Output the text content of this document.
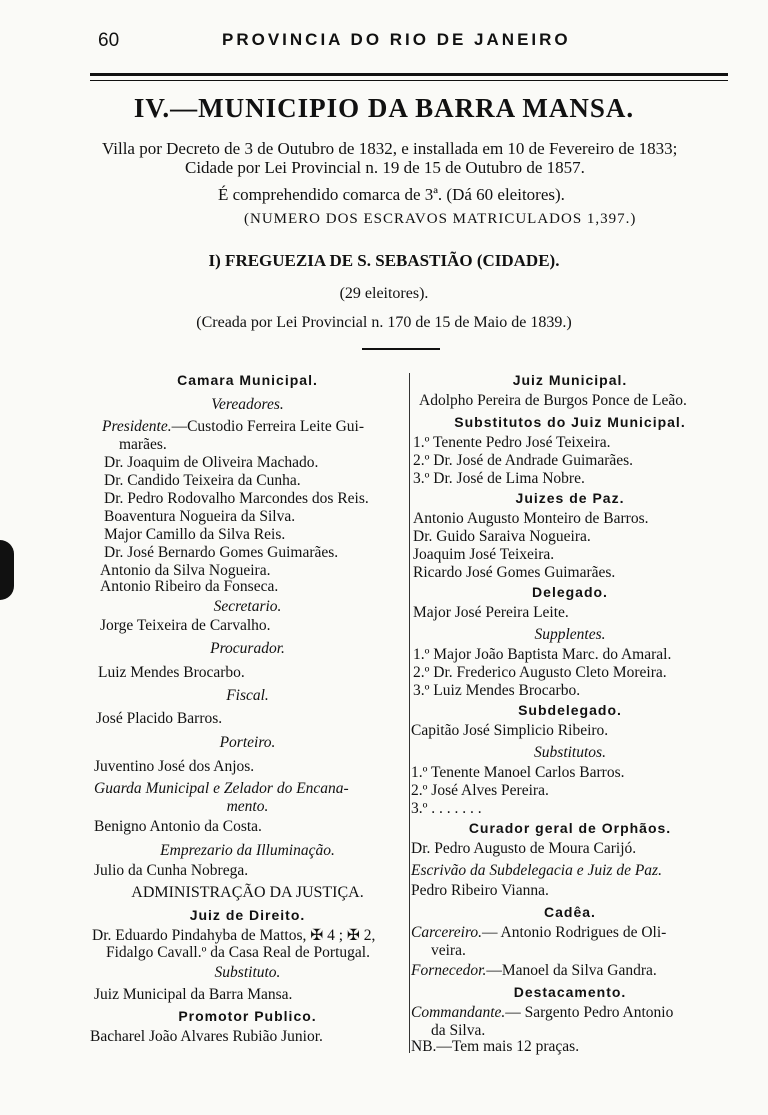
60	PROVINCIA DO RIO DE JANEIRO
IV.—MUNICIPIO DA BARRA MANSA.
Villa por Decreto de 3 de Outubro de 1832, e installada em 10 de Fevereiro de 1833;
Cidade por Lei Provincial n. 19 de 15 de Outubro de 1857.
É comprehendido comarca de 3ª. (Dá 60 eleitores).
(NUMERO DOS ESCRAVOS MATRICULADOS 1,397.)
I) FREGUEZIA DE S. SEBASTIÃO (CIDADE).
(29 eleitores).
(Creada por Lei Provincial n. 170 de 15 de Maio de 1839.)
Camara Municipal.
Vereadores.
Presidente.—Custodio Ferreira Leite Gui-
marães.
Dr. Joaquim de Oliveira Machado.
Dr. Candido Teixeira da Cunha.
Dr. Pedro Rodovalho Marcondes dos Reis.
Boaventura Nogueira da Silva.
Major Camillo da Silva Reis.
Dr. José Bernardo Gomes Guimarães.
Antonio da Silva Nogueira.
Antonio Ribeiro da Fonseca.
Secretario.
Jorge Teixeira de Carvalho.
Procurador.
Luiz Mendes Brocarbo.
Fiscal.
José Placido Barros.
Porteiro.
Juventino José dos Anjos.
Guarda Municipal e Zelador do Encana-
mento.
Benigno Antonio da Costa.
Emprezario da Illuminação.
Julio da Cunha Nobrega.
ADMINISTRAÇÃO DA JUSTIÇA.
Juiz de Direito.
Dr. Eduardo Pindahyba de Mattos, ✠ 4 ; ✠ 2,
Fidalgo Cavall.º da Casa Real de Portugal.
Substituto.
Juiz Municipal da Barra Mansa.
Promotor Publico.
Bacharel João Alvares Rubião Junior.
Juiz Municipal.
Adolpho Pereira de Burgos Ponce de Leão.
Substitutos do Juiz Municipal.
1.º Tenente Pedro José Teixeira.
2.º Dr. José de Andrade Guimarães.
3.º Dr. José de Lima Nobre.
Juizes de Paz.
Antonio Augusto Monteiro de Barros.
Dr. Guido Saraiva Nogueira.
Joaquim José Teixeira.
Ricardo José Gomes Guimarães.
Delegado.
Major José Pereira Leite.
Supplentes.
1.º Major João Baptista Marc. do Amaral.
2.º Dr. Frederico Augusto Cleto Moreira.
3.º Luiz Mendes Brocarbo.
Subdelegado.
Capitão José Simplicio Ribeiro.
Substitutos.
1.º Tenente Manoel Carlos Barros.
2.º José Alves Pereira.
3.º . . . . . . .
Curador geral de Orphãos.
Dr. Pedro Augusto de Moura Carijó.
Escrivão da Subdelegacia e Juiz de Paz.
Pedro Ribeiro Vianna.
Cadêa.
Carcereiro.— Antonio Rodrigues de Oli-
veira.
Fornecedor.—Manoel da Silva Gandra.
Destacamento.
Commandante.— Sargento Pedro Antonio
da Silva.
NB.—Tem mais 12 praças.
